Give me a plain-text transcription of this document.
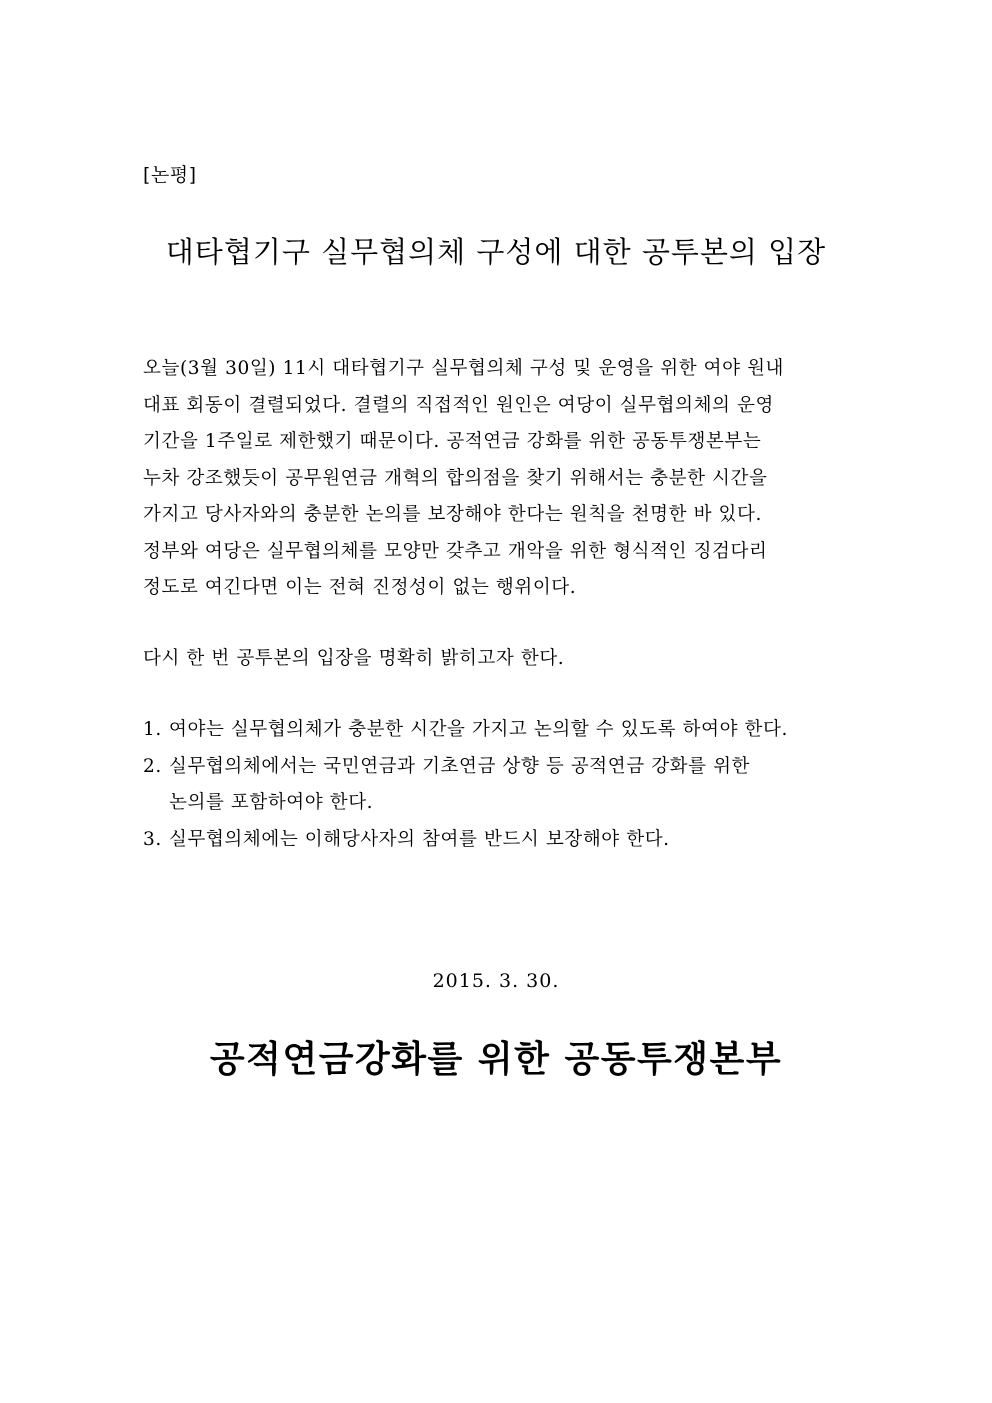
[논평]
대타협기구 실무협의체 구성에 대한 공투본의 입장
오늘(3월 30일) 11시 대타협기구 실무협의체 구성 및 운영을 위한 여야 원내
대표 회동이 결렬되었다. 결렬의 직접적인 원인은 여당이 실무협의체의 운영
기간을 1주일로 제한했기 때문이다. 공적연금 강화를 위한 공동투쟁본부는
누차 강조했듯이 공무원연금 개혁의 합의점을 찾기 위해서는 충분한 시간을
가지고 당사자와의 충분한 논의를 보장해야 한다는 원칙을 천명한 바 있다.
정부와 여당은 실무협의체를 모양만 갖추고 개악을 위한 형식적인 징검다리
정도로 여긴다면 이는 전혀 진정성이 없는 행위이다.
다시 한 번 공투본의 입장을 명확히 밝히고자 한다.
1. 여야는 실무협의체가 충분한 시간을 가지고 논의할 수 있도록 하여야 한다.
2. 실무협의체에서는 국민연금과 기초연금 상향 등 공적연금 강화를 위한
논의를 포함하여야 한다.
3. 실무협의체에는 이해당사자의 참여를 반드시 보장해야 한다.
2015. 3. 30.
공적연금강화를 위한 공동투쟁본부
